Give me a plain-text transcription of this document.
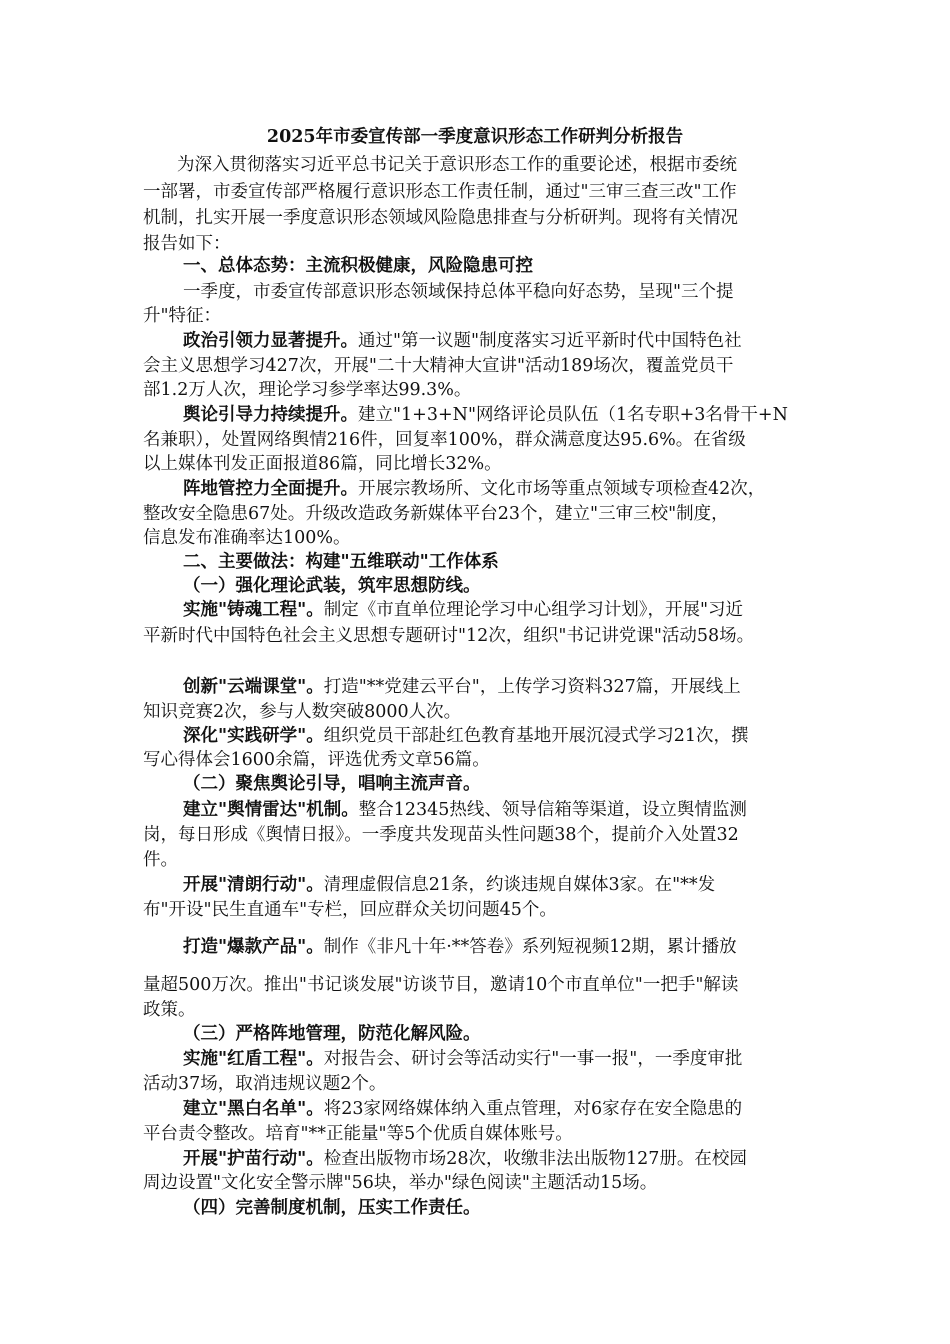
2025年市委宣传部一季度意识形态工作研判分析报告
为深入贯彻落实习近平总书记关于意识形态工作的重要论述，根据市委统
一部署，市委宣传部严格履行意识形态工作责任制，通过"三审三查三改"工作
机制，扎实开展一季度意识形态领域风险隐患排查与分析研判。现将有关情况
报告如下：
一、总体态势：主流积极健康，风险隐患可控
一季度，市委宣传部意识形态领域保持总体平稳向好态势，呈现"三个提
升"特征：
政治引领力显著提升。通过"第一议题"制度落实习近平新时代中国特色社
会主义思想学习427次，开展"二十大精神大宣讲"活动189场次，覆盖党员干
部1.2万人次，理论学习参学率达99.3%。
舆论引导力持续提升。建立"1+3+N"网络评论员队伍（1名专职+3名骨干+N
名兼职），处置网络舆情216件，回复率100%，群众满意度达95.6%。在省级
以上媒体刊发正面报道86篇，同比增长32%。
阵地管控力全面提升。开展宗教场所、文化市场等重点领域专项检查42次，
整改安全隐患67处。升级改造政务新媒体平台23个，建立"三审三校"制度，
信息发布准确率达100%。
二、主要做法：构建"五维联动"工作体系
（一）强化理论武装，筑牢思想防线。
实施"铸魂工程"。制定《市直单位理论学习中心组学习计划》，开展"习近
平新时代中国特色社会主义思想专题研讨"12次，组织"书记讲党课"活动58场。
创新"云端课堂"。打造"**党建云平台"，上传学习资料327篇，开展线上
知识竞赛2次，参与人数突破8000人次。
深化"实践研学"。组织党员干部赴红色教育基地开展沉浸式学习21次，撰
写心得体会1600余篇，评选优秀文章56篇。
（二）聚焦舆论引导，唱响主流声音。
建立"舆情雷达"机制。整合12345热线、领导信箱等渠道，设立舆情监测
岗，每日形成《舆情日报》。一季度共发现苗头性问题38个，提前介入处置32
件。
开展"清朗行动"。清理虚假信息21条，约谈违规自媒体3家。在"**发
布"开设"民生直通车"专栏，回应群众关切问题45个。
打造"爆款产品"。制作《非凡十年·**答卷》系列短视频12期，累计播放
量超500万次。推出"书记谈发展"访谈节目，邀请10个市直单位"一把手"解读
政策。
（三）严格阵地管理，防范化解风险。
实施"红盾工程"。对报告会、研讨会等活动实行"一事一报"，一季度审批
活动37场，取消违规议题2个。
建立"黑白名单"。将23家网络媒体纳入重点管理，对6家存在安全隐患的
平台责令整改。培育"**正能量"等5个优质自媒体账号。
开展"护苗行动"。检查出版物市场28次，收缴非法出版物127册。在校园
周边设置"文化安全警示牌"56块，举办"绿色阅读"主题活动15场。
（四）完善制度机制，压实工作责任。
